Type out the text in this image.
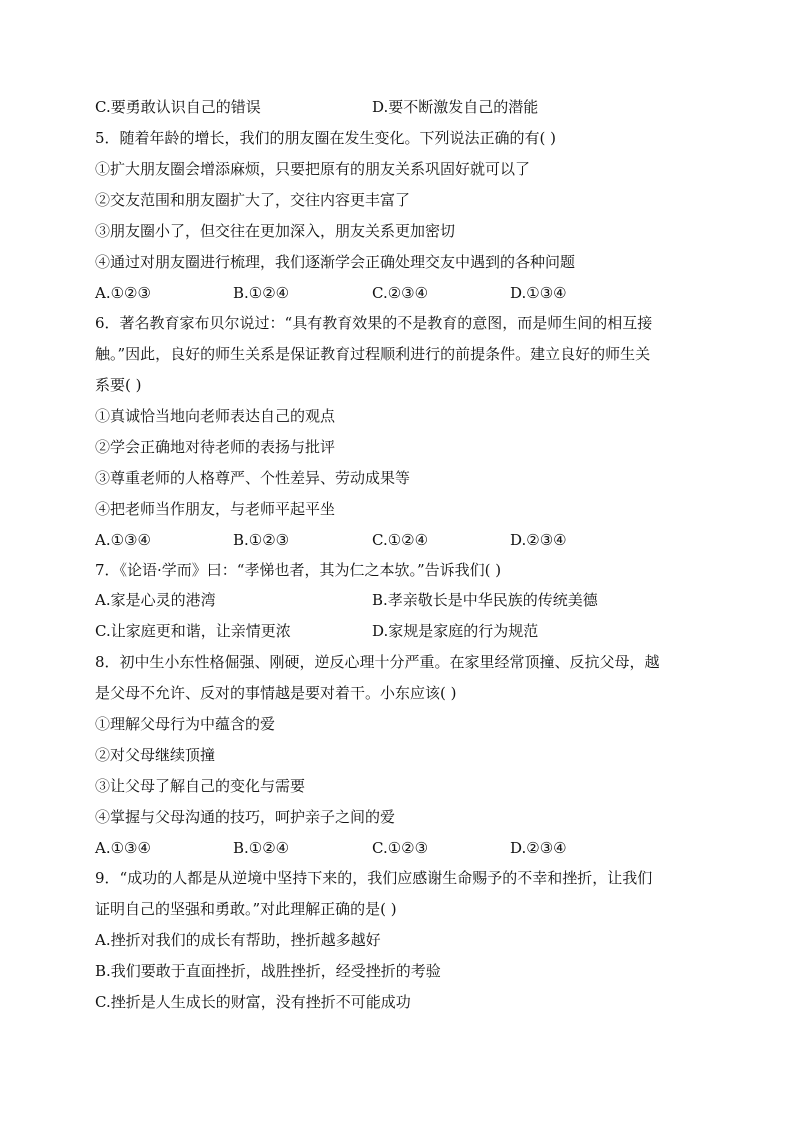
C.要勇敢认识自己的错误	D.要不断激发自己的潜能
5．随着年龄的增长，我们的朋友圈在发生变化。下列说法正确的有( )
①扩大朋友圈会增添麻烦，只要把原有的朋友关系巩固好就可以了
②交友范围和朋友圈扩大了，交往内容更丰富了
③朋友圈小了，但交往在更加深入，朋友关系更加密切
④通过对朋友圈进行梳理，我们逐渐学会正确处理交友中遇到的各种问题
A.①②③	B.①②④	C.②③④	D.①③④
6．著名教育家布贝尔说过：“具有教育效果的不是教育的意图，而是师生间的相互接
触。”因此，良好的师生关系是保证教育过程顺利进行的前提条件。建立良好的师生关
系要( )
①真诚恰当地向老师表达自己的观点
②学会正确地对待老师的表扬与批评
③尊重老师的人格尊严、个性差异、劳动成果等
④把老师当作朋友，与老师平起平坐
A.①③④	B.①②③	C.①②④	D.②③④
7．《论语·学而》曰：“孝悌也者，其为仁之本欤。”告诉我们( )
A.家是心灵的港湾	B.孝亲敬长是中华民族的传统美德
C.让家庭更和谐，让亲情更浓	D.家规是家庭的行为规范
8．初中生小东性格倔强、刚硬，逆反心理十分严重。在家里经常顶撞、反抗父母，越
是父母不允许、反对的事情越是要对着干。小东应该( )
①理解父母行为中蕴含的爱
②对父母继续顶撞
③让父母了解自己的变化与需要
④掌握与父母沟通的技巧，呵护亲子之间的爱
A.①③④	B.①②④	C.①②③	D.②③④
9．“成功的人都是从逆境中坚持下来的，我们应感谢生命赐予的不幸和挫折，让我们
证明自己的坚强和勇敢。”对此理解正确的是( )
A.挫折对我们的成长有帮助，挫折越多越好
B.我们要敢于直面挫折，战胜挫折，经受挫折的考验
C.挫折是人生成长的财富，没有挫折不可能成功
